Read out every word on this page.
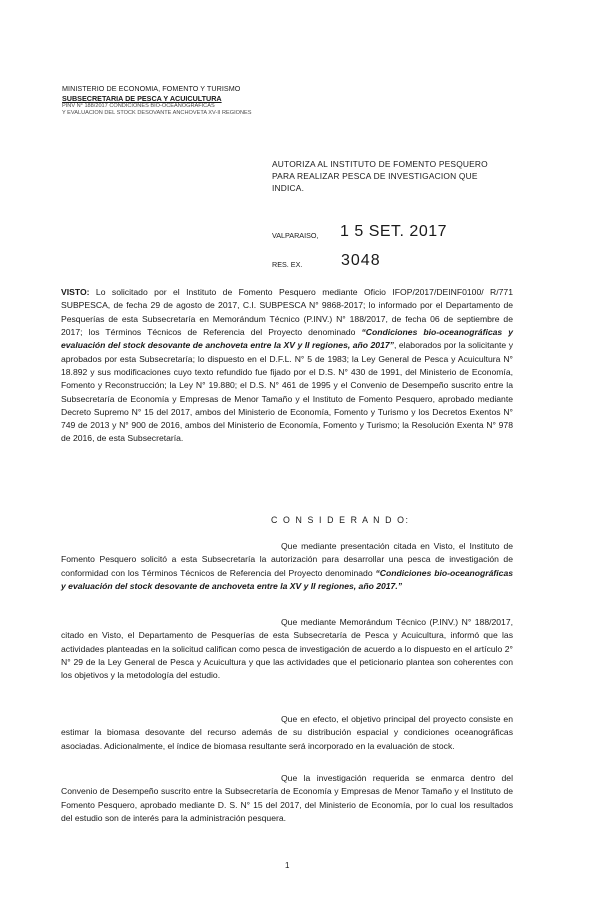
MINISTERIO DE ECONOMIA, FOMENTO Y TURISMO
SUBSECRETARIA DE PESCA Y ACUICULTURA
PINV N° 188/2017 CONDICIONES BIO-OCEANOGRAFICAS
Y EVALUACION DEL STOCK DESOVANTE ANCHOVETA XV-II REGIONES
AUTORIZA AL INSTITUTO DE FOMENTO PESQUERO PARA REALIZAR PESCA DE INVESTIGACION QUE INDICA.
VALPARAISO, 1 5 SET. 2017
RES. EX. 3048
VISTO: Lo solicitado por el Instituto de Fomento Pesquero mediante Oficio IFOP/2017/DEINF0100/ R/771 SUBPESCA, de fecha 29 de agosto de 2017, C.I. SUBPESCA N° 9868-2017; lo informado por el Departamento de Pesquerías de esta Subsecretaría en Memorándum Técnico (P.INV.) N° 188/2017, de fecha 06 de septiembre de 2017; los Términos Técnicos de Referencia del Proyecto denominado “Condiciones bio-oceanográficas y evaluación del stock desovante de anchoveta entre la XV y II regiones, año 2017”, elaborados por la solicitante y aprobados por esta Subsecretaría; lo dispuesto en el D.F.L. N° 5 de 1983; la Ley General de Pesca y Acuicultura N° 18.892 y sus modificaciones cuyo texto refundido fue fijado por el D.S. N° 430 de 1991, del Ministerio de Economía, Fomento y Reconstrucción; la Ley N° 19.880; el D.S. N° 461 de 1995 y el Convenio de Desempeño suscrito entre la Subsecretaría de Economía y Empresas de Menor Tamaño y el Instituto de Fomento Pesquero, aprobado mediante Decreto Supremo N° 15 del 2017, ambos del Ministerio de Economía, Fomento y Turismo y los Decretos Exentos N° 749 de 2013 y N° 900 de 2016, ambos del Ministerio de Economía, Fomento y Turismo; la Resolución Exenta N° 978 de 2016, de esta Subsecretaría.
C O N S I D E R A N D O:
Que mediante presentación citada en Visto, el Instituto de Fomento Pesquero solicitó a esta Subsecretaría la autorización para desarrollar una pesca de investigación de conformidad con los Términos Técnicos de Referencia del Proyecto denominado “Condiciones bio-oceanográficas y evaluación del stock desovante de anchoveta entre la XV y II regiones, año 2017.”
Que mediante Memorándum Técnico (P.INV.) N° 188/2017, citado en Visto, el Departamento de Pesquerías de esta Subsecretaría de Pesca y Acuicultura, informó que las actividades planteadas en la solicitud califican como pesca de investigación de acuerdo a lo dispuesto en el artículo 2° N° 29 de la Ley General de Pesca y Acuicultura y que las actividades que el peticionario plantea son coherentes con los objetivos y la metodología del estudio.
Que en efecto, el objetivo principal del proyecto consiste en estimar la biomasa desovante del recurso además de su distribución espacial y condiciones oceanográficas asociadas. Adicionalmente, el índice de biomasa resultante será incorporado en la evaluación de stock.
Que la investigación requerida se enmarca dentro del Convenio de Desempeño suscrito entre la Subsecretaría de Economía y Empresas de Menor Tamaño y el Instituto de Fomento Pesquero, aprobado mediante D. S. N° 15 del 2017, del Ministerio de Economía, por lo cual los resultados del estudio son de interés para la administración pesquera.
1
